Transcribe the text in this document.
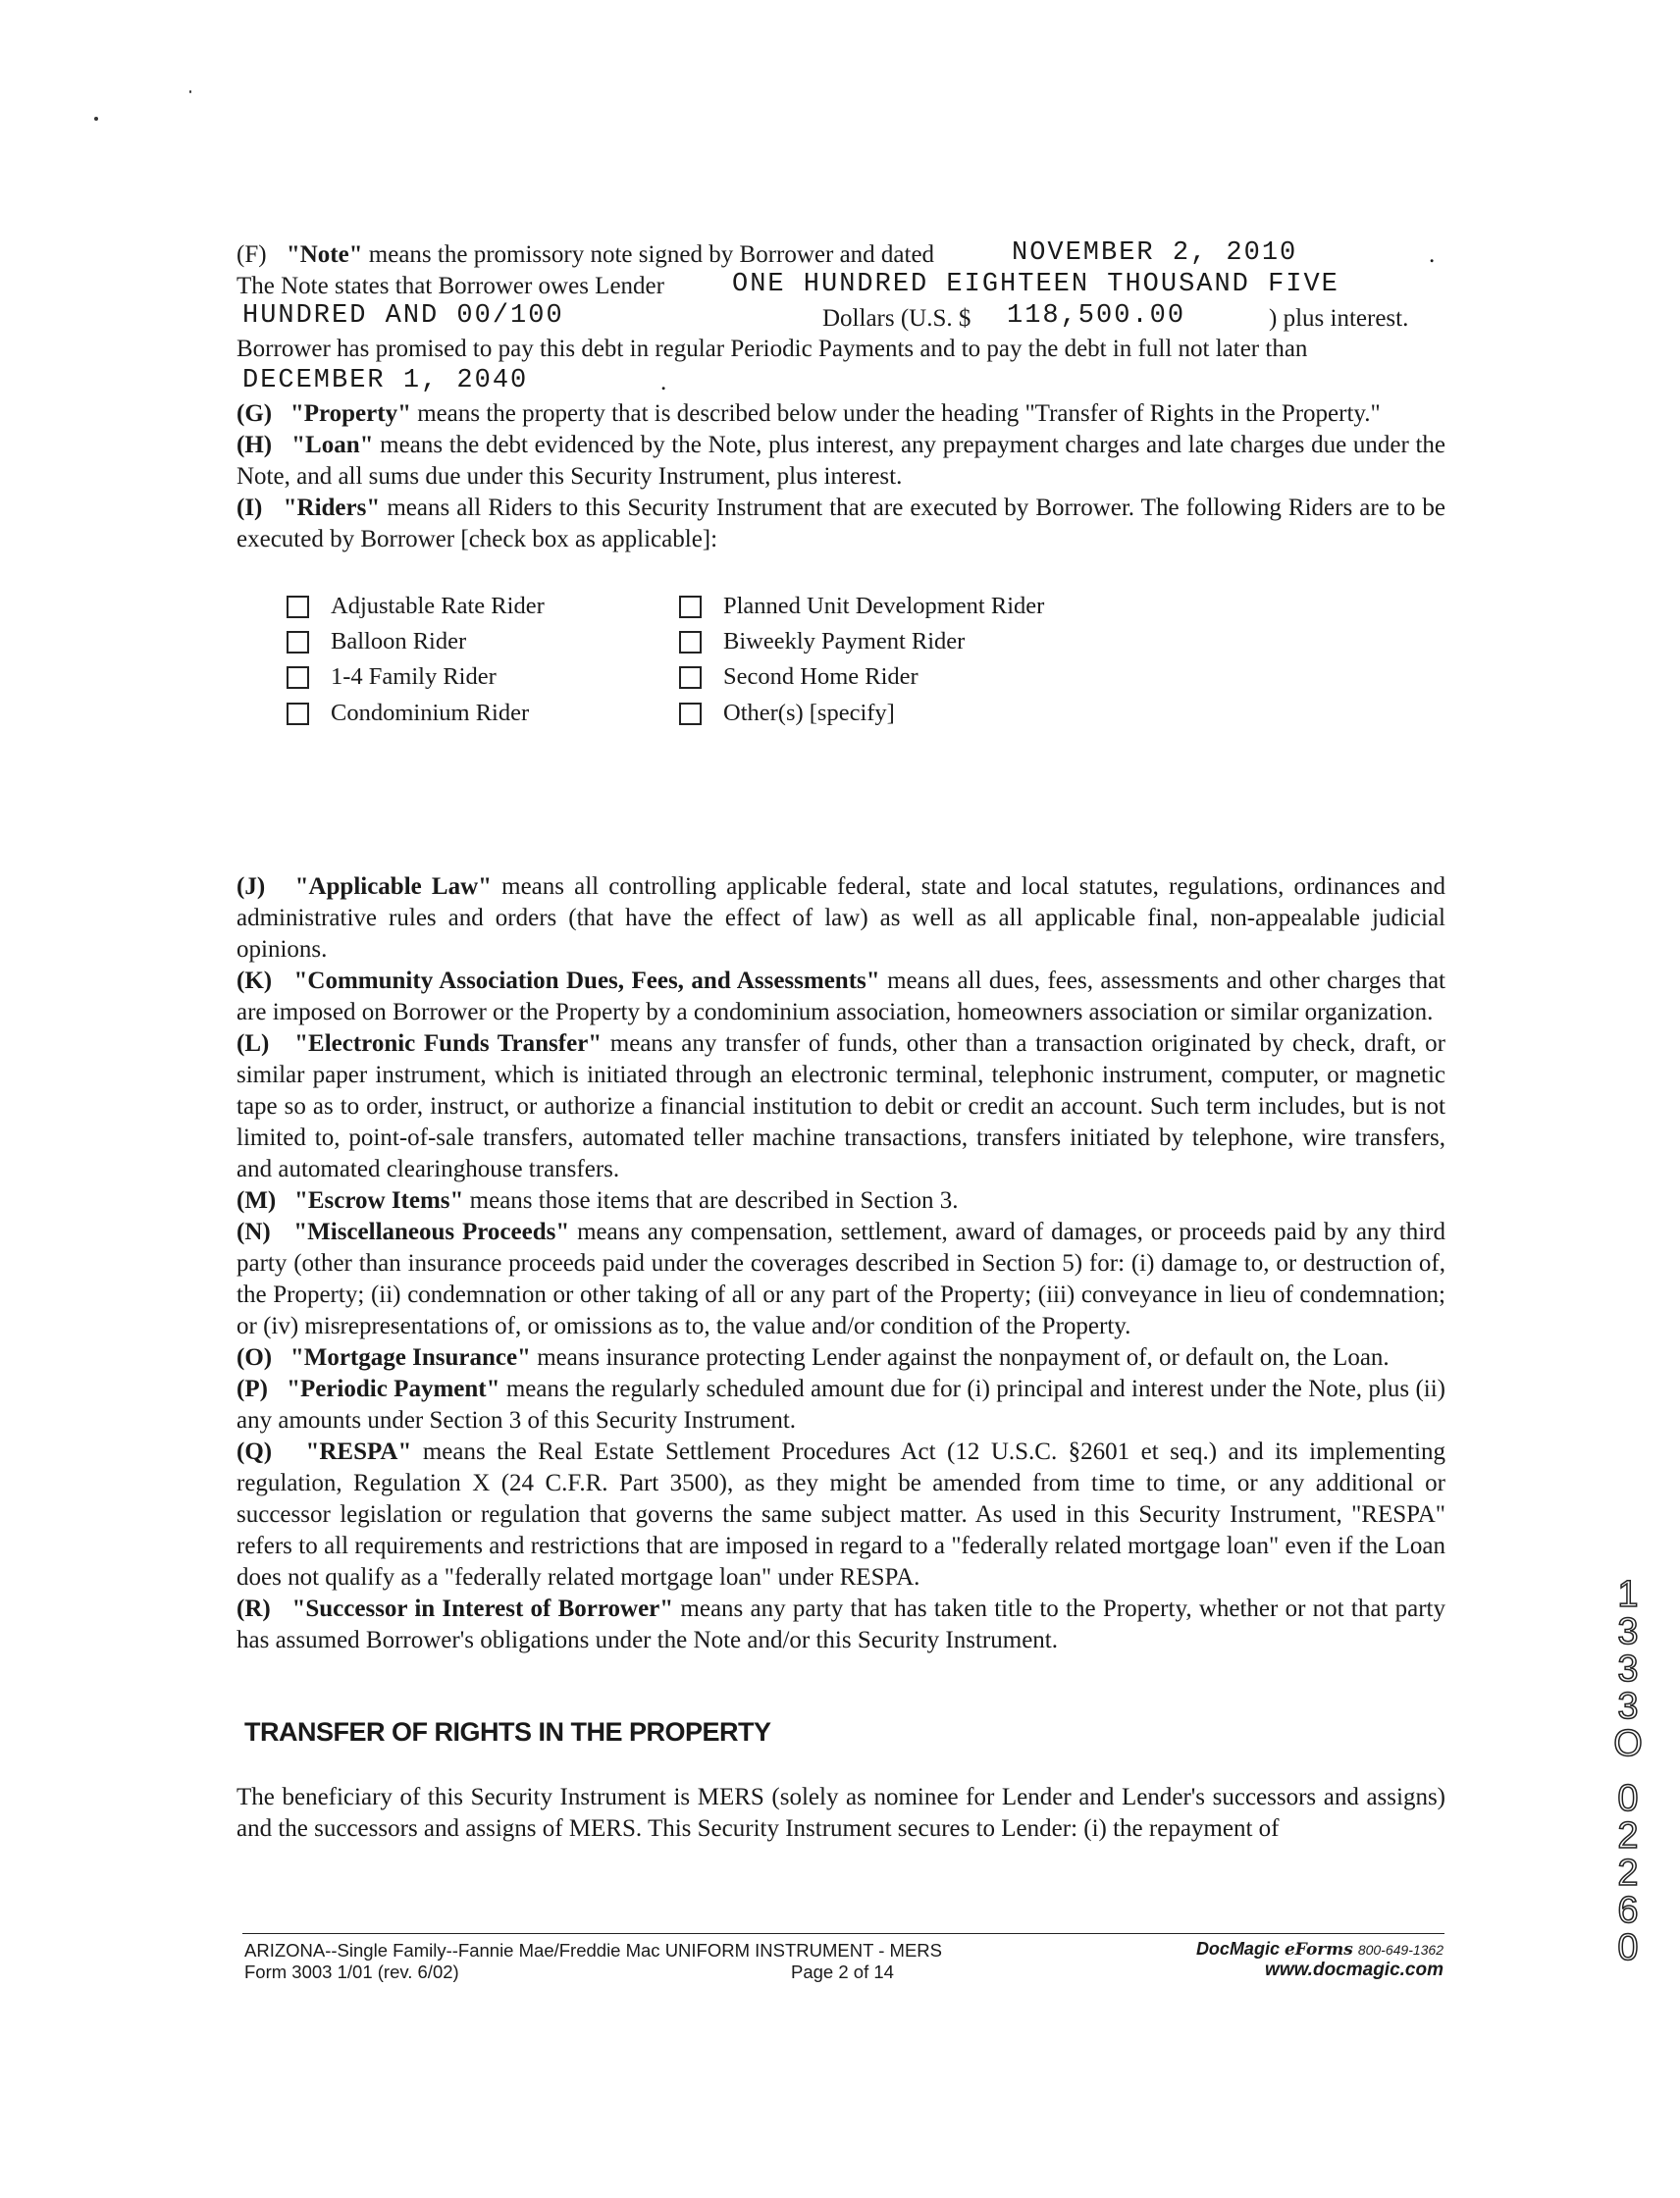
(F) "Note" means the promissory note signed by Borrower and dated	NOVEMBER 2, 2010	.
The Note states that Borrower owes Lender	ONE HUNDRED EIGHTEEN THOUSAND FIVE
HUNDRED AND 00/100	Dollars (U.S. $ 118,500.00	) plus interest.
Borrower has promised to pay this debt in regular Periodic Payments and to pay the debt in full not later than
DECEMBER 1, 2040	.

(G) "Property" means the property that is described below under the heading "Transfer of Rights in the Property."

(H) "Loan" means the debt evidenced by the Note, plus interest, any prepayment charges and late charges due under the Note, and all sums due under this Security Instrument, plus interest.

(I) "Riders" means all Riders to this Security Instrument that are executed by Borrower. The following Riders are to be executed by Borrower [check box as applicable]:

Adjustable Rate Rider
Balloon Rider
1-4 Family Rider
Condominium Rider
Planned Unit Development Rider
Biweekly Payment Rider
Second Home Rider
Other(s) [specify]

(J) "Applicable Law" means all controlling applicable federal, state and local statutes, regulations, ordinances and administrative rules and orders (that have the effect of law) as well as all applicable final, non-appealable judicial opinions.

(K) "Community Association Dues, Fees, and Assessments" means all dues, fees, assessments and other charges that are imposed on Borrower or the Property by a condominium association, homeowners association or similar organization.

(L) "Electronic Funds Transfer" means any transfer of funds, other than a transaction originated by check, draft, or similar paper instrument, which is initiated through an electronic terminal, telephonic instrument, computer, or magnetic tape so as to order, instruct, or authorize a financial institution to debit or credit an account. Such term includes, but is not limited to, point-of-sale transfers, automated teller machine transactions, transfers initiated by telephone, wire transfers, and automated clearinghouse transfers.

(M) "Escrow Items" means those items that are described in Section 3.

(N) "Miscellaneous Proceeds" means any compensation, settlement, award of damages, or proceeds paid by any third party (other than insurance proceeds paid under the coverages described in Section 5) for: (i) damage to, or destruction of, the Property; (ii) condemnation or other taking of all or any part of the Property; (iii) conveyance in lieu of condemnation; or (iv) misrepresentations of, or omissions as to, the value and/or condition of the Property.

(O) "Mortgage Insurance" means insurance protecting Lender against the nonpayment of, or default on, the Loan.

(P) "Periodic Payment" means the regularly scheduled amount due for (i) principal and interest under the Note, plus (ii) any amounts under Section 3 of this Security Instrument.

(Q) "RESPA" means the Real Estate Settlement Procedures Act (12 U.S.C. §2601 et seq.) and its implementing regulation, Regulation X (24 C.F.R. Part 3500), as they might be amended from time to time, or any additional or successor legislation or regulation that governs the same subject matter. As used in this Security Instrument, "RESPA" refers to all requirements and restrictions that are imposed in regard to a "federally related mortgage loan" even if the Loan does not qualify as a "federally related mortgage loan" under RESPA.

(R) "Successor in Interest of Borrower" means any party that has taken title to the Property, whether or not that party has assumed Borrower's obligations under the Note and/or this Security Instrument.

TRANSFER OF RIGHTS IN THE PROPERTY

The beneficiary of this Security Instrument is MERS (solely as nominee for Lender and Lender's successors and assigns) and the successors and assigns of MERS. This Security Instrument secures to Lender: (i) the repayment of

1
3
3
3
O
0
2
2
6
0
ARIZONA--Single Family--Fannie Mae/Freddie Mac UNIFORM INSTRUMENT - MERS
Form 3003 1/01 (rev. 6/02)	Page 2 of 14
DocMagic eForms 800-649-1362
www.docmagic.com
